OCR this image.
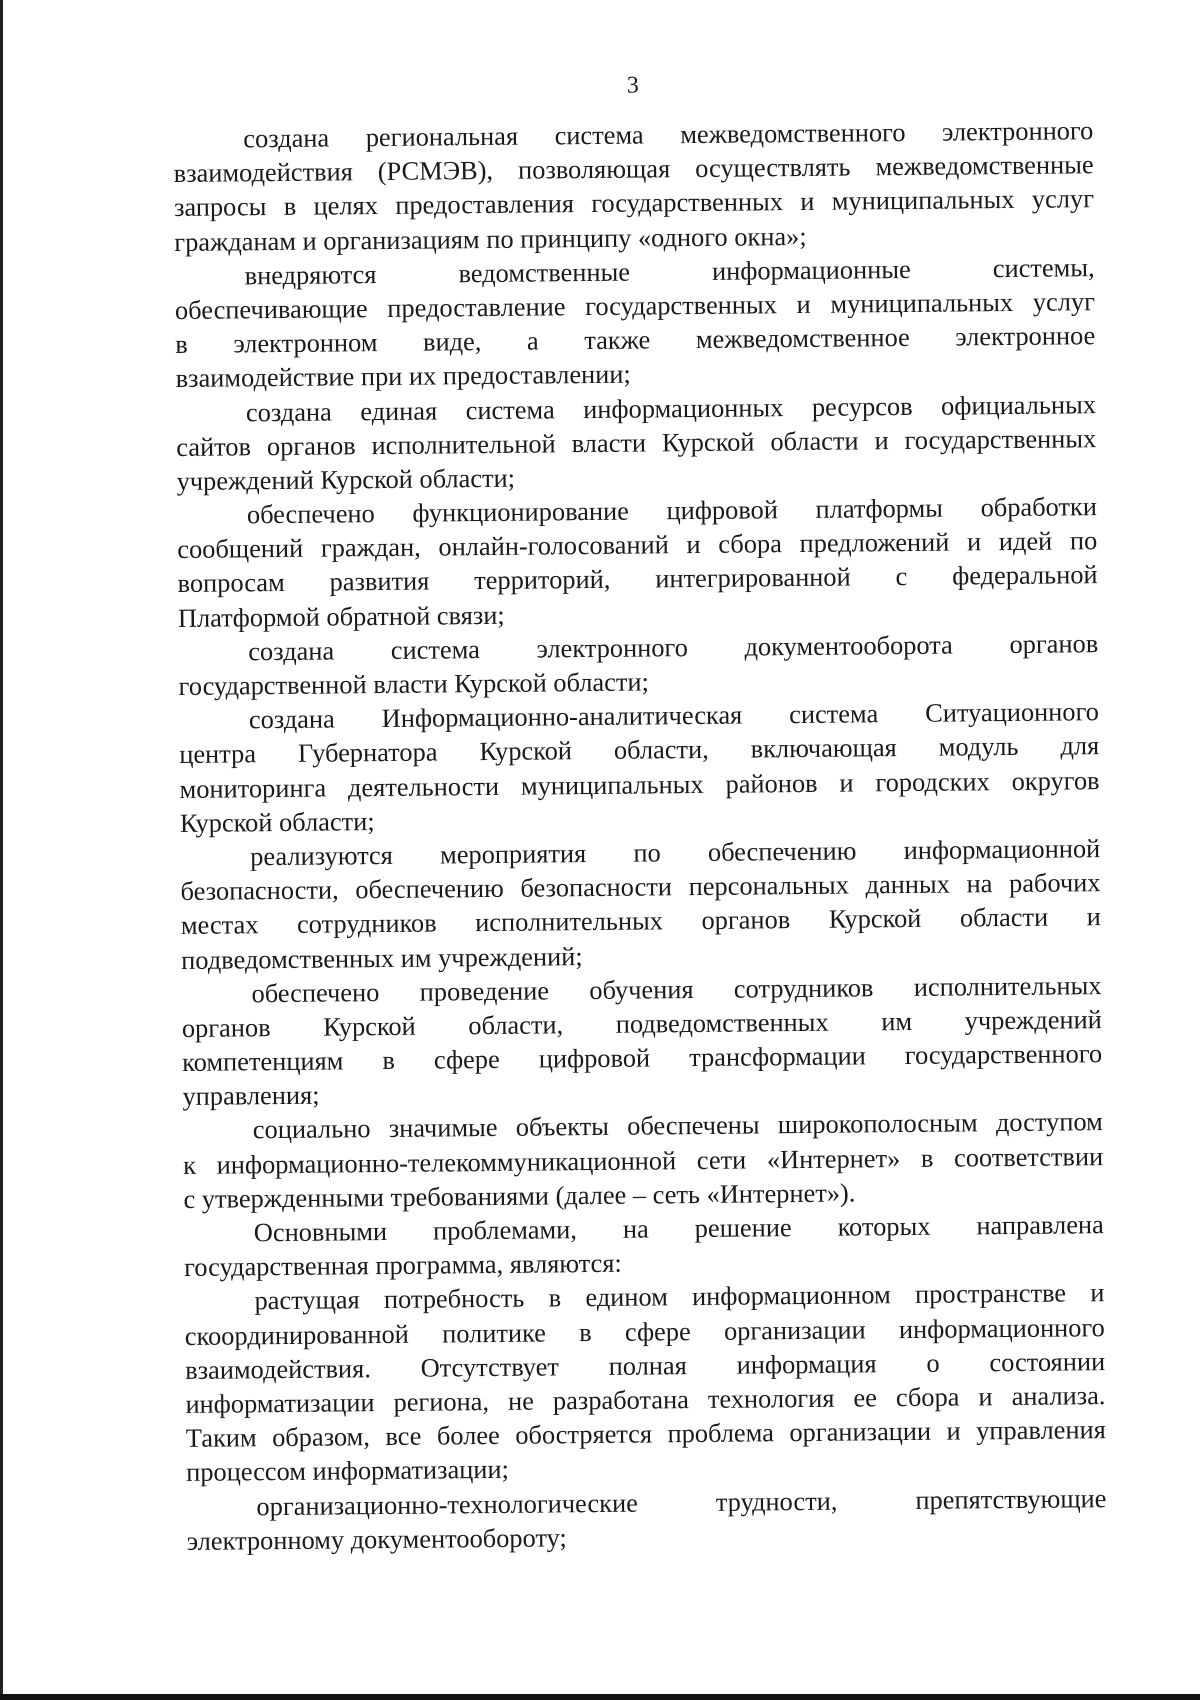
3
создана региональная система межведомственного электронного
взаимодействия (РСМЭВ), позволяющая осуществлять межведомственные
запросы в целях предоставления государственных и муниципальных услуг
гражданам и организациям по принципу «одного окна»;
внедряются ведомственные информационные системы,
обеспечивающие предоставление государственных и муниципальных услуг
в электронном виде, а также межведомственное электронное
взаимодействие при их предоставлении;
создана единая система информационных ресурсов официальных
сайтов органов исполнительной власти Курской области и государственных
учреждений Курской области;
обеспечено функционирование цифровой платформы обработки
сообщений граждан, онлайн-голосований и сбора предложений и идей по
вопросам развития территорий, интегрированной с федеральной
Платформой обратной связи;
создана система электронного документооборота органов
государственной власти Курской области;
создана Информационно-аналитическая система Ситуационного
центра Губернатора Курской области, включающая модуль для
мониторинга деятельности муниципальных районов и городских округов
Курской области;
реализуются мероприятия по обеспечению информационной
безопасности, обеспечению безопасности персональных данных на рабочих
местах сотрудников исполнительных органов Курской области и
подведомственных им учреждений;
обеспечено проведение обучения сотрудников исполнительных
органов Курской области, подведомственных им учреждений
компетенциям в сфере цифровой трансформации государственного
управления;
социально значимые объекты обеспечены широкополосным доступом
к информационно-телекоммуникационной сети «Интернет» в соответствии
с утвержденными требованиями (далее – сеть «Интернет»).
Основными проблемами, на решение которых направлена
государственная программа, являются:
растущая потребность в едином информационном пространстве и
скоординированной политике в сфере организации информационного
взаимодействия. Отсутствует полная информация о состоянии
информатизации региона, не разработана технология ее сбора и анализа.
Таким образом, все более обостряется проблема организации и управления
процессом информатизации;
организационно-технологические трудности, препятствующие
электронному документообороту;
